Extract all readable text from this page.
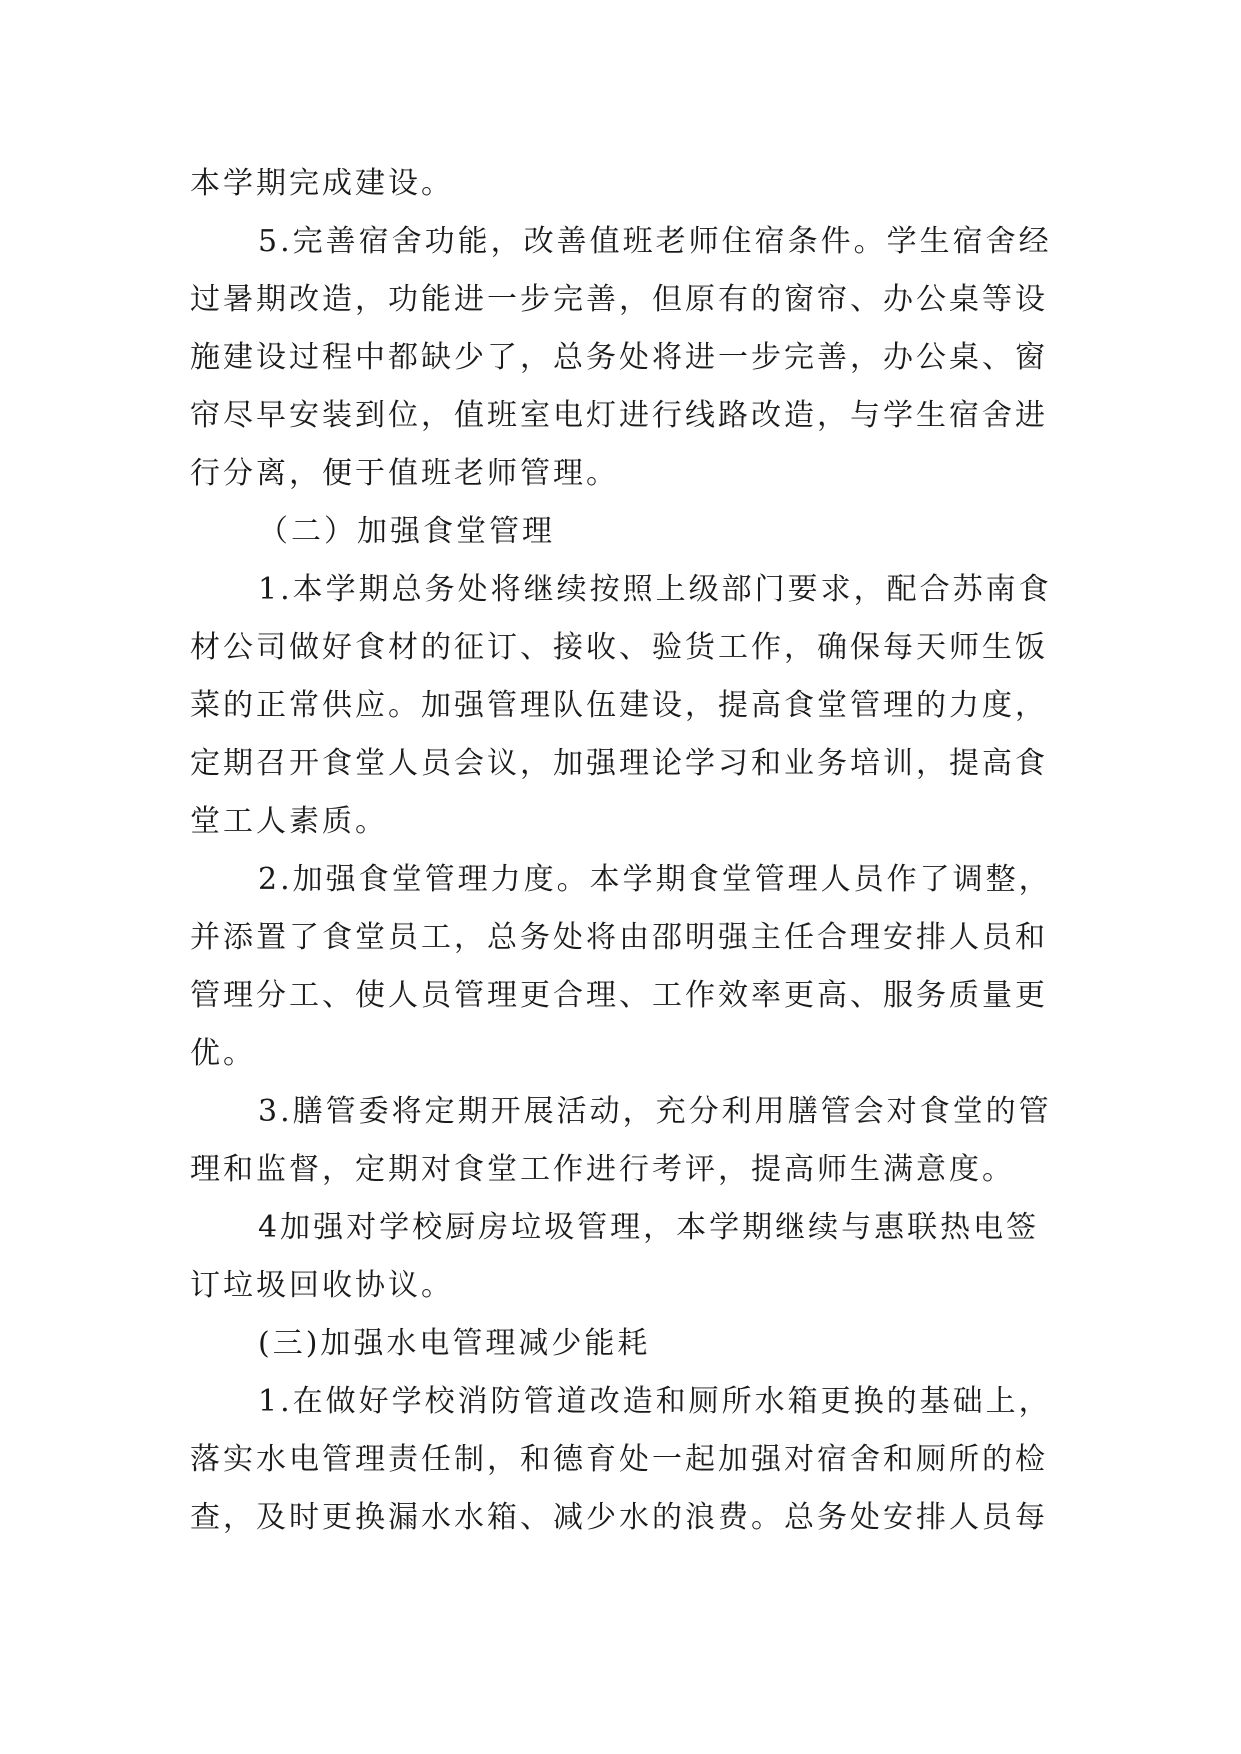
本学期完成建设。
5.完善宿舍功能，改善值班老师住宿条件。学生宿舍经
过暑期改造，功能进一步完善，但原有的窗帘、办公桌等设
施建设过程中都缺少了，总务处将进一步完善，办公桌、窗
帘尽早安装到位，值班室电灯进行线路改造，与学生宿舍进
行分离，便于值班老师管理。
（二）加强食堂管理
1.本学期总务处将继续按照上级部门要求，配合苏南食
材公司做好食材的征订、接收、验货工作，确保每天师生饭
菜的正常供应。加强管理队伍建设，提高食堂管理的力度，
定期召开食堂人员会议，加强理论学习和业务培训，提高食
堂工人素质。
2.加强食堂管理力度。本学期食堂管理人员作了调整，
并添置了食堂员工，总务处将由邵明强主任合理安排人员和
管理分工、使人员管理更合理、工作效率更高、服务质量更
优。
3.膳管委将定期开展活动，充分利用膳管会对食堂的管
理和监督，定期对食堂工作进行考评，提高师生满意度。
4加强对学校厨房垃圾管理，本学期继续与惠联热电签
订垃圾回收协议。
(三)加强水电管理减少能耗
1.在做好学校消防管道改造和厕所水箱更换的基础上，
落实水电管理责任制，和德育处一起加强对宿舍和厕所的检
查，及时更换漏水水箱、减少水的浪费。总务处安排人员每
